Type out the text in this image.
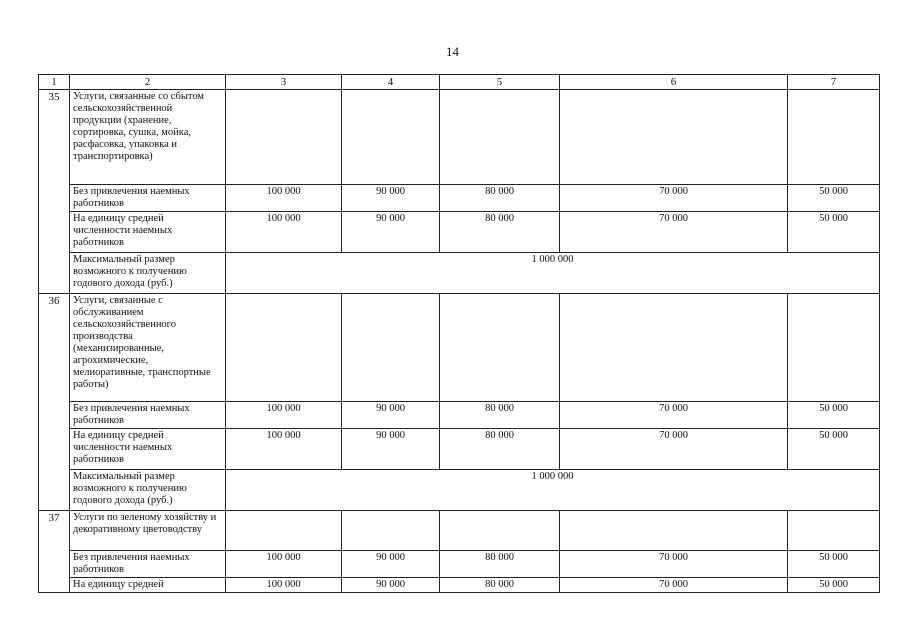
14
1	2	3	4	5	6	7
35	Услуги, связанные со сбытом сельскохозяйственной продукции (хранение, сортировка, сушка, мойка, расфасовка, упаковка и транспортировка)					
	Без привлечения наемных работников	100 000	90 000	80 000	70 000	50 000
	На единицу средней численности наемных работников	100 000	90 000	80 000	70 000	50 000
	Максимальный размер возможного к получению годового дохода (руб.)	1 000 000				
36	Услуги, связанные с обслуживанием сельскохозяйственного производства (механизированные, агрохимические, мелиоративные, транспортные работы)					
	Без привлечения наемных работников	100 000	90 000	80 000	70 000	50 000
	На единицу средней численности наемных работников	100 000	90 000	80 000	70 000	50 000
	Максимальный размер возможного к получению годового дохода (руб.)	1 000 000				
37	Услуги по зеленому хозяйству и декоративному цветоводству					
	Без привлечения наемных работников	100 000	90 000	80 000	70 000	50 000
	На единицу средней	100 000	90 000	80 000	70 000	50 000
